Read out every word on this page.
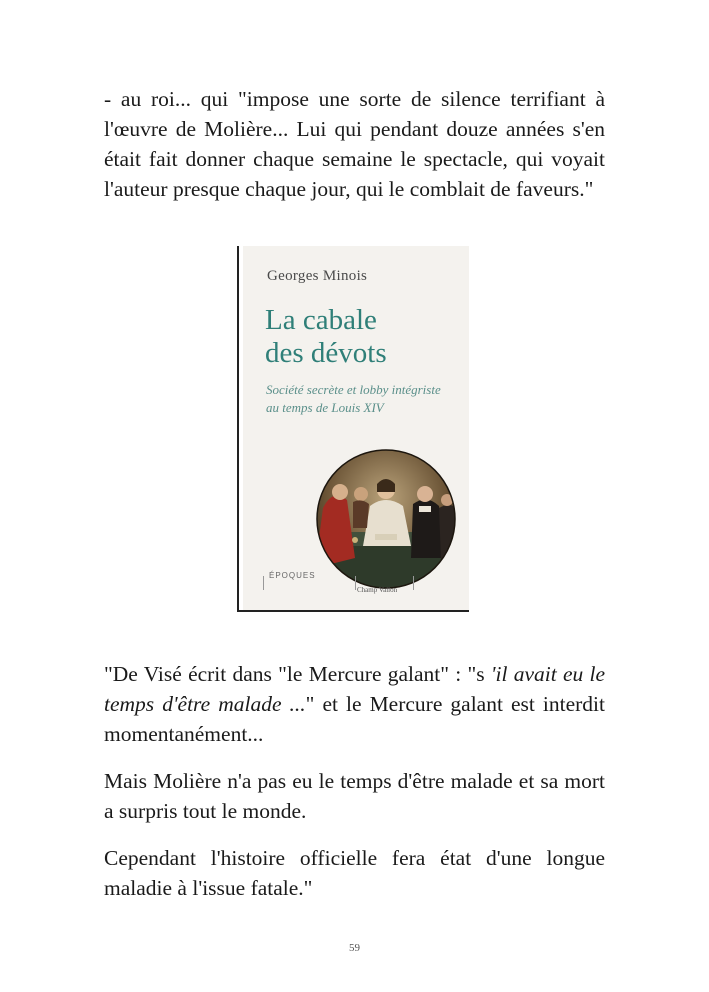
- au roi... qui "impose une sorte de silence terrifiant à l'œuvre de Molière... Lui qui pendant douze années s'en était fait donner chaque semaine le spectacle, qui voyait l'auteur presque chaque jour, qui le comblait de faveurs."

Georges Minois
La cabale
des dévots
Société secrète et lobby intégriste
au temps de Louis XIV
ÉPOQUES
Champ Vallon

"De Visé écrit dans "le Mercure galant" : "s 'il avait eu le temps d'être malade ..." et le Mercure galant est interdit momentanément...

Mais Molière n'a pas eu le temps d'être malade et sa mort a surpris tout le monde.

Cependant l'histoire officielle fera état d'une longue maladie à l'issue fatale."

59
